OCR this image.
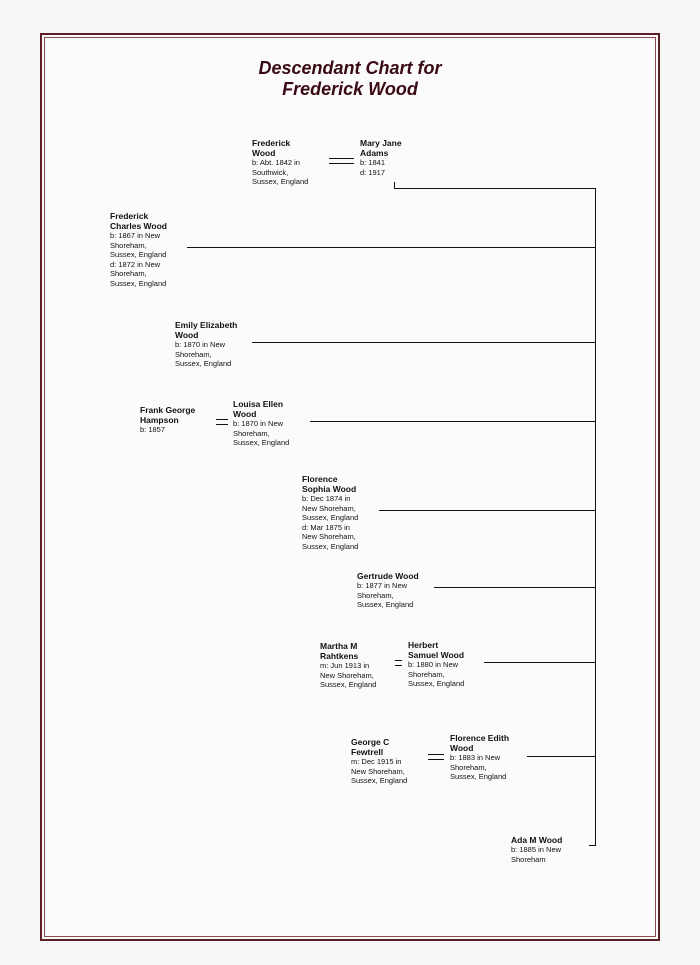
Descendant Chart for
Frederick Wood
Frederick
Wood
b: Abt. 1842 in
Southwick,
Sussex, England
Mary Jane
Adams
b: 1841
d: 1917
Frederick
Charles Wood
b: 1867 in New
Shoreham,
Sussex, England
d: 1872 in New
Shoreham,
Sussex, England
Emily Elizabeth
Wood
b: 1870 in New
Shoreham,
Sussex, England
Frank George
Hampson
b: 1857
Louisa Ellen
Wood
b: 1870 in New
Shoreham,
Sussex, England
Florence
Sophia Wood
b: Dec 1874 in
New Shoreham,
Sussex, England
d: Mar 1875 in
New Shoreham,
Sussex, England
Gertrude Wood
b: 1877 in New
Shoreham,
Sussex, England
Martha M
Rahtkens
m: Jun 1913 in
New Shoreham,
Sussex, England
Herbert
Samuel Wood
b: 1880 in New
Shoreham,
Sussex, England
George C
Fewtrell
m: Dec 1915 in
New Shoreham,
Sussex, England
Florence Edith
Wood
b: 1883 in New
Shoreham,
Sussex, England
Ada M Wood
b: 1885 in New
Shoreham
